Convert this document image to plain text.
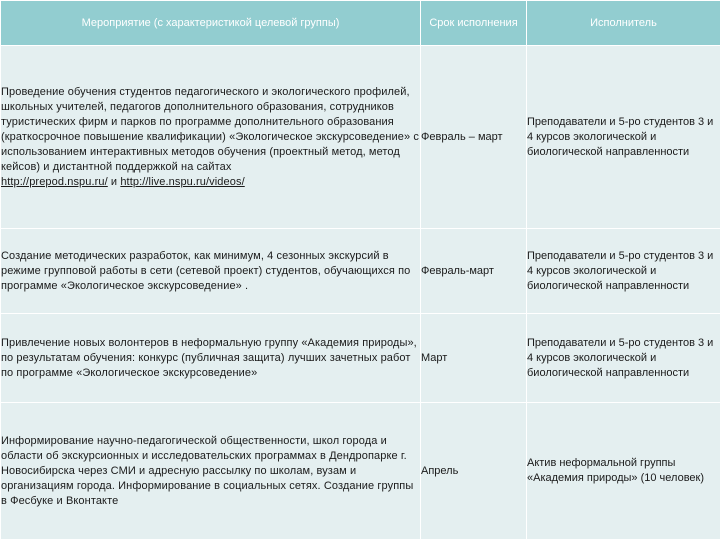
Мероприятие (с характеристикой целевой группы)	Срок исполнения	Исполнитель
Проведение обучения студентов педагогического и экологического профилей, школьных учителей, педагогов дополнительного образования, сотрудников туристических фирм и парков по программе дополнительного образования (краткосрочное повышение квалификации) «Экологическое экскурсоведение» с использованием интерактивных методов обучения (проектный метод, метод кейсов) и дистантной поддержкой на сайтах
http://prepod.nspu.ru/ и http://live.nspu.ru/videos/	Февраль – март	Преподаватели и 5-ро студентов 3 и 4 курсов экологической и биологической направленности
Создание методических разработок, как минимум, 4 сезонных экскурсий в режиме групповой работы в сети (сетевой проект) студентов, обучающихся по программе «Экологическое экскурсоведение» .	Февраль-март	Преподаватели и 5-ро студентов 3 и 4 курсов экологической и биологической направленности
Привлечение новых волонтеров в неформальную группу «Академия природы», по результатам обучения: конкурс (публичная защита) лучших зачетных работ по программе «Экологическое экскурсоведение»	Март	Преподаватели и 5-ро студентов 3 и 4 курсов экологической и биологической направленности
Информирование научно-педагогической общественности, школ города и области об экскурсионных и исследовательских программах в Дендропарке г. Новосибирска через СМИ и адресную рассылку по школам, вузам и организациям города. Информирование в социальных сетях. Создание группы в Фесбуке и Вконтакте	Апрель	Актив неформальной группы «Академия природы» (10 человек)
